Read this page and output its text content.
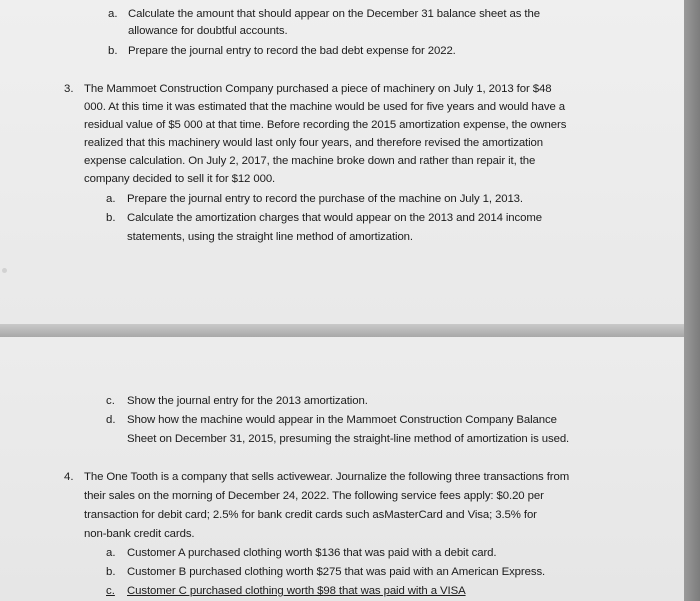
a. Calculate the amount that should appear on the December 31 balance sheet as the
allowance for doubtful accounts.
b. Prepare the journal entry to record the bad debt expense for 2022.
3. The Mammoet Construction Company purchased a piece of machinery on July 1, 2013 for $48
000. At this time it was estimated that the machine would be used for five years and would have a
residual value of $5 000 at that time. Before recording the 2015 amortization expense, the owners
realized that this machinery would last only four years, and therefore revised the amortization
expense calculation. On July 2, 2017, the machine broke down and rather than repair it, the
company decided to sell it for $12 000.
a. Prepare the journal entry to record the purchase of the machine on July 1, 2013.
b. Calculate the amortization charges that would appear on the 2013 and 2014 income
statements, using the straight line method of amortization.
c. Show the journal entry for the 2013 amortization.
d. Show how the machine would appear in the Mammoet Construction Company Balance
Sheet on December 31, 2015, presuming the straight-line method of amortization is used.
4. The One Tooth is a company that sells activewear. Journalize the following three transactions from
their sales on the morning of December 24, 2022. The following service fees apply: $0.20 per
transaction for debit card; 2.5% for bank credit cards such asMasterCard and Visa; 3.5% for
non-bank credit cards.
a. Customer A purchased clothing worth $136 that was paid with a debit card.
b. Customer B purchased clothing worth $275 that was paid with an American Express.
c. Customer C purchased clothing worth $98 that was paid with a VISA
